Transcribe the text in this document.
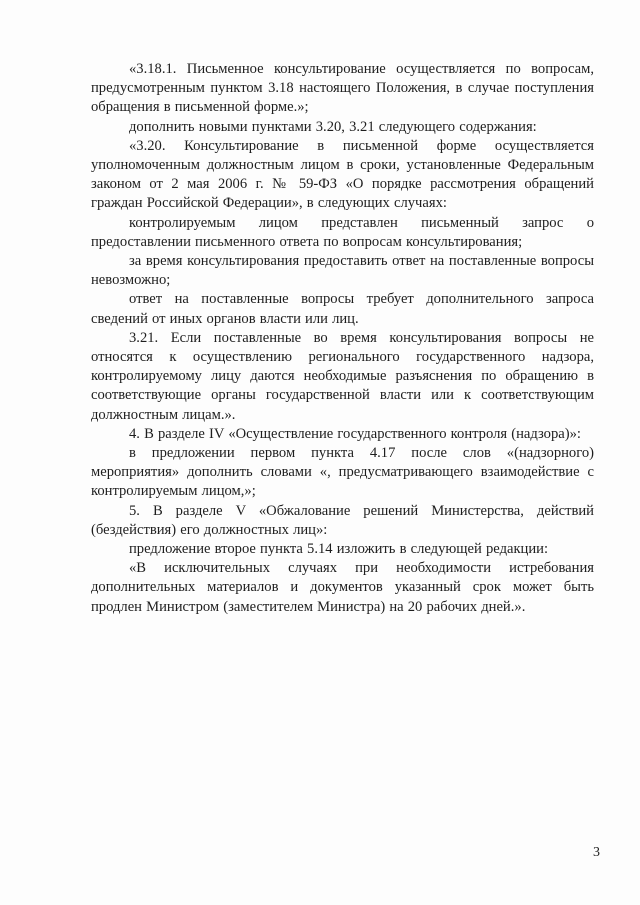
«3.18.1. Письменное консультирование осуществляется по вопросам, предусмотренным пунктом 3.18 настоящего Положения, в случае поступления обращения в письменной форме.»;

дополнить новыми пунктами 3.20, 3.21 следующего содержания:

«3.20. Консультирование в письменной форме осуществляется уполномоченным должностным лицом в сроки, установленные Федеральным законом от 2 мая 2006 г. № 59-ФЗ «О порядке рассмотрения обращений граждан Российской Федерации», в следующих случаях:

контролируемым лицом представлен письменный запрос о предоставлении письменного ответа по вопросам консультирования;

за время консультирования предоставить ответ на поставленные вопросы невозможно;

ответ на поставленные вопросы требует дополнительного запроса сведений от иных органов власти или лиц.

3.21. Если поставленные во время консультирования вопросы не относятся к осуществлению регионального государственного надзора, контролируемому лицу даются необходимые разъяснения по обращению в соответствующие органы государственной власти или к соответствующим должностным лицам.».

4. В разделе IV «Осуществление государственного контроля (надзора)»:

в предложении первом пункта 4.17 после слов «(надзорного) мероприятия» дополнить словами «, предусматривающего взаимодействие с контролируемым лицом,»;

5. В разделе V «Обжалование решений Министерства, действий (бездействия) его должностных лиц»:

предложение второе пункта 5.14 изложить в следующей редакции:

«В исключительных случаях при необходимости истребования дополнительных материалов и документов указанный срок может быть продлен Министром (заместителем Министра) на 20 рабочих дней.».

3
